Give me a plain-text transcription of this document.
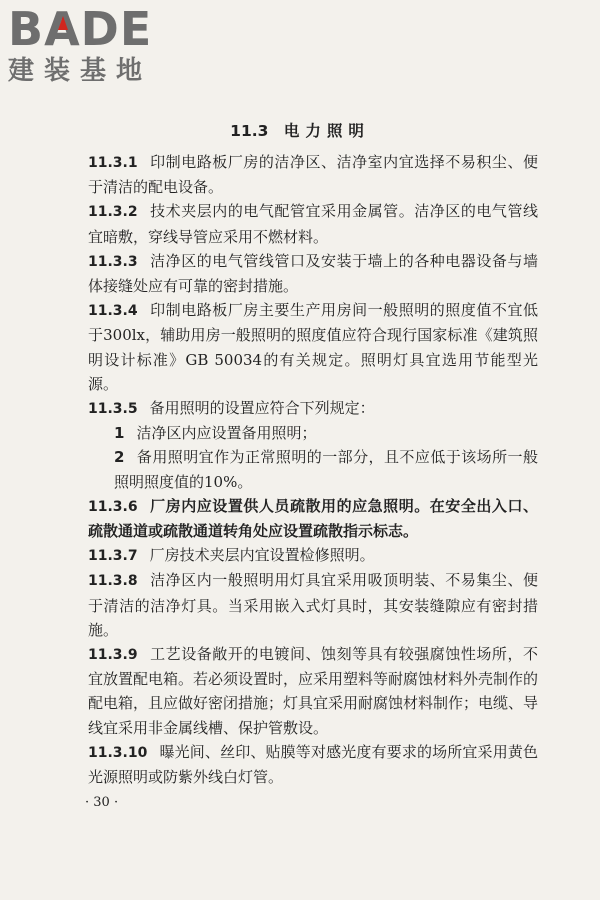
B A DE
建装基地
11.3 电力照明

11.3.1 印制电路板厂房的洁净区、洁净室内宜选择不易积尘、便于清洁的配电设备。

11.3.2 技术夹层内的电气配管宜采用金属管。洁净区的电气管线宜暗敷，穿线导管应采用不燃材料。

11.3.3 洁净区的电气管线管口及安装于墙上的各种电器设备与墙体接缝处应有可靠的密封措施。

11.3.4 印制电路板厂房主要生产用房间一般照明的照度值不宜低于300lx，辅助用房一般照明的照度值应符合现行国家标准《建筑照明设计标准》GB 50034的有关规定。照明灯具宜选用节能型光源。

11.3.5 备用照明的设置应符合下列规定：

1 洁净区内应设置备用照明；

2 备用照明宜作为正常照明的一部分，且不应低于该场所一般照明照度值的10%。

11.3.6 厂房内应设置供人员疏散用的应急照明。在安全出入口、疏散通道或疏散通道转角处应设置疏散指示标志。

11.3.7 厂房技术夹层内宜设置检修照明。

11.3.8 洁净区内一般照明用灯具宜采用吸顶明装、不易集尘、便于清洁的洁净灯具。当采用嵌入式灯具时，其安装缝隙应有密封措施。

11.3.9 工艺设备敞开的电镀间、蚀刻等具有较强腐蚀性场所，不宜放置配电箱。若必须设置时，应采用塑料等耐腐蚀材料外壳制作的配电箱，且应做好密闭措施；灯具宜采用耐腐蚀材料制作；电缆、导线宜采用非金属线槽、保护管敷设。

11.3.10 曝光间、丝印、贴膜等对感光度有要求的场所宜采用黄色光源照明或防紫外线白灯管。

· 30 ·
